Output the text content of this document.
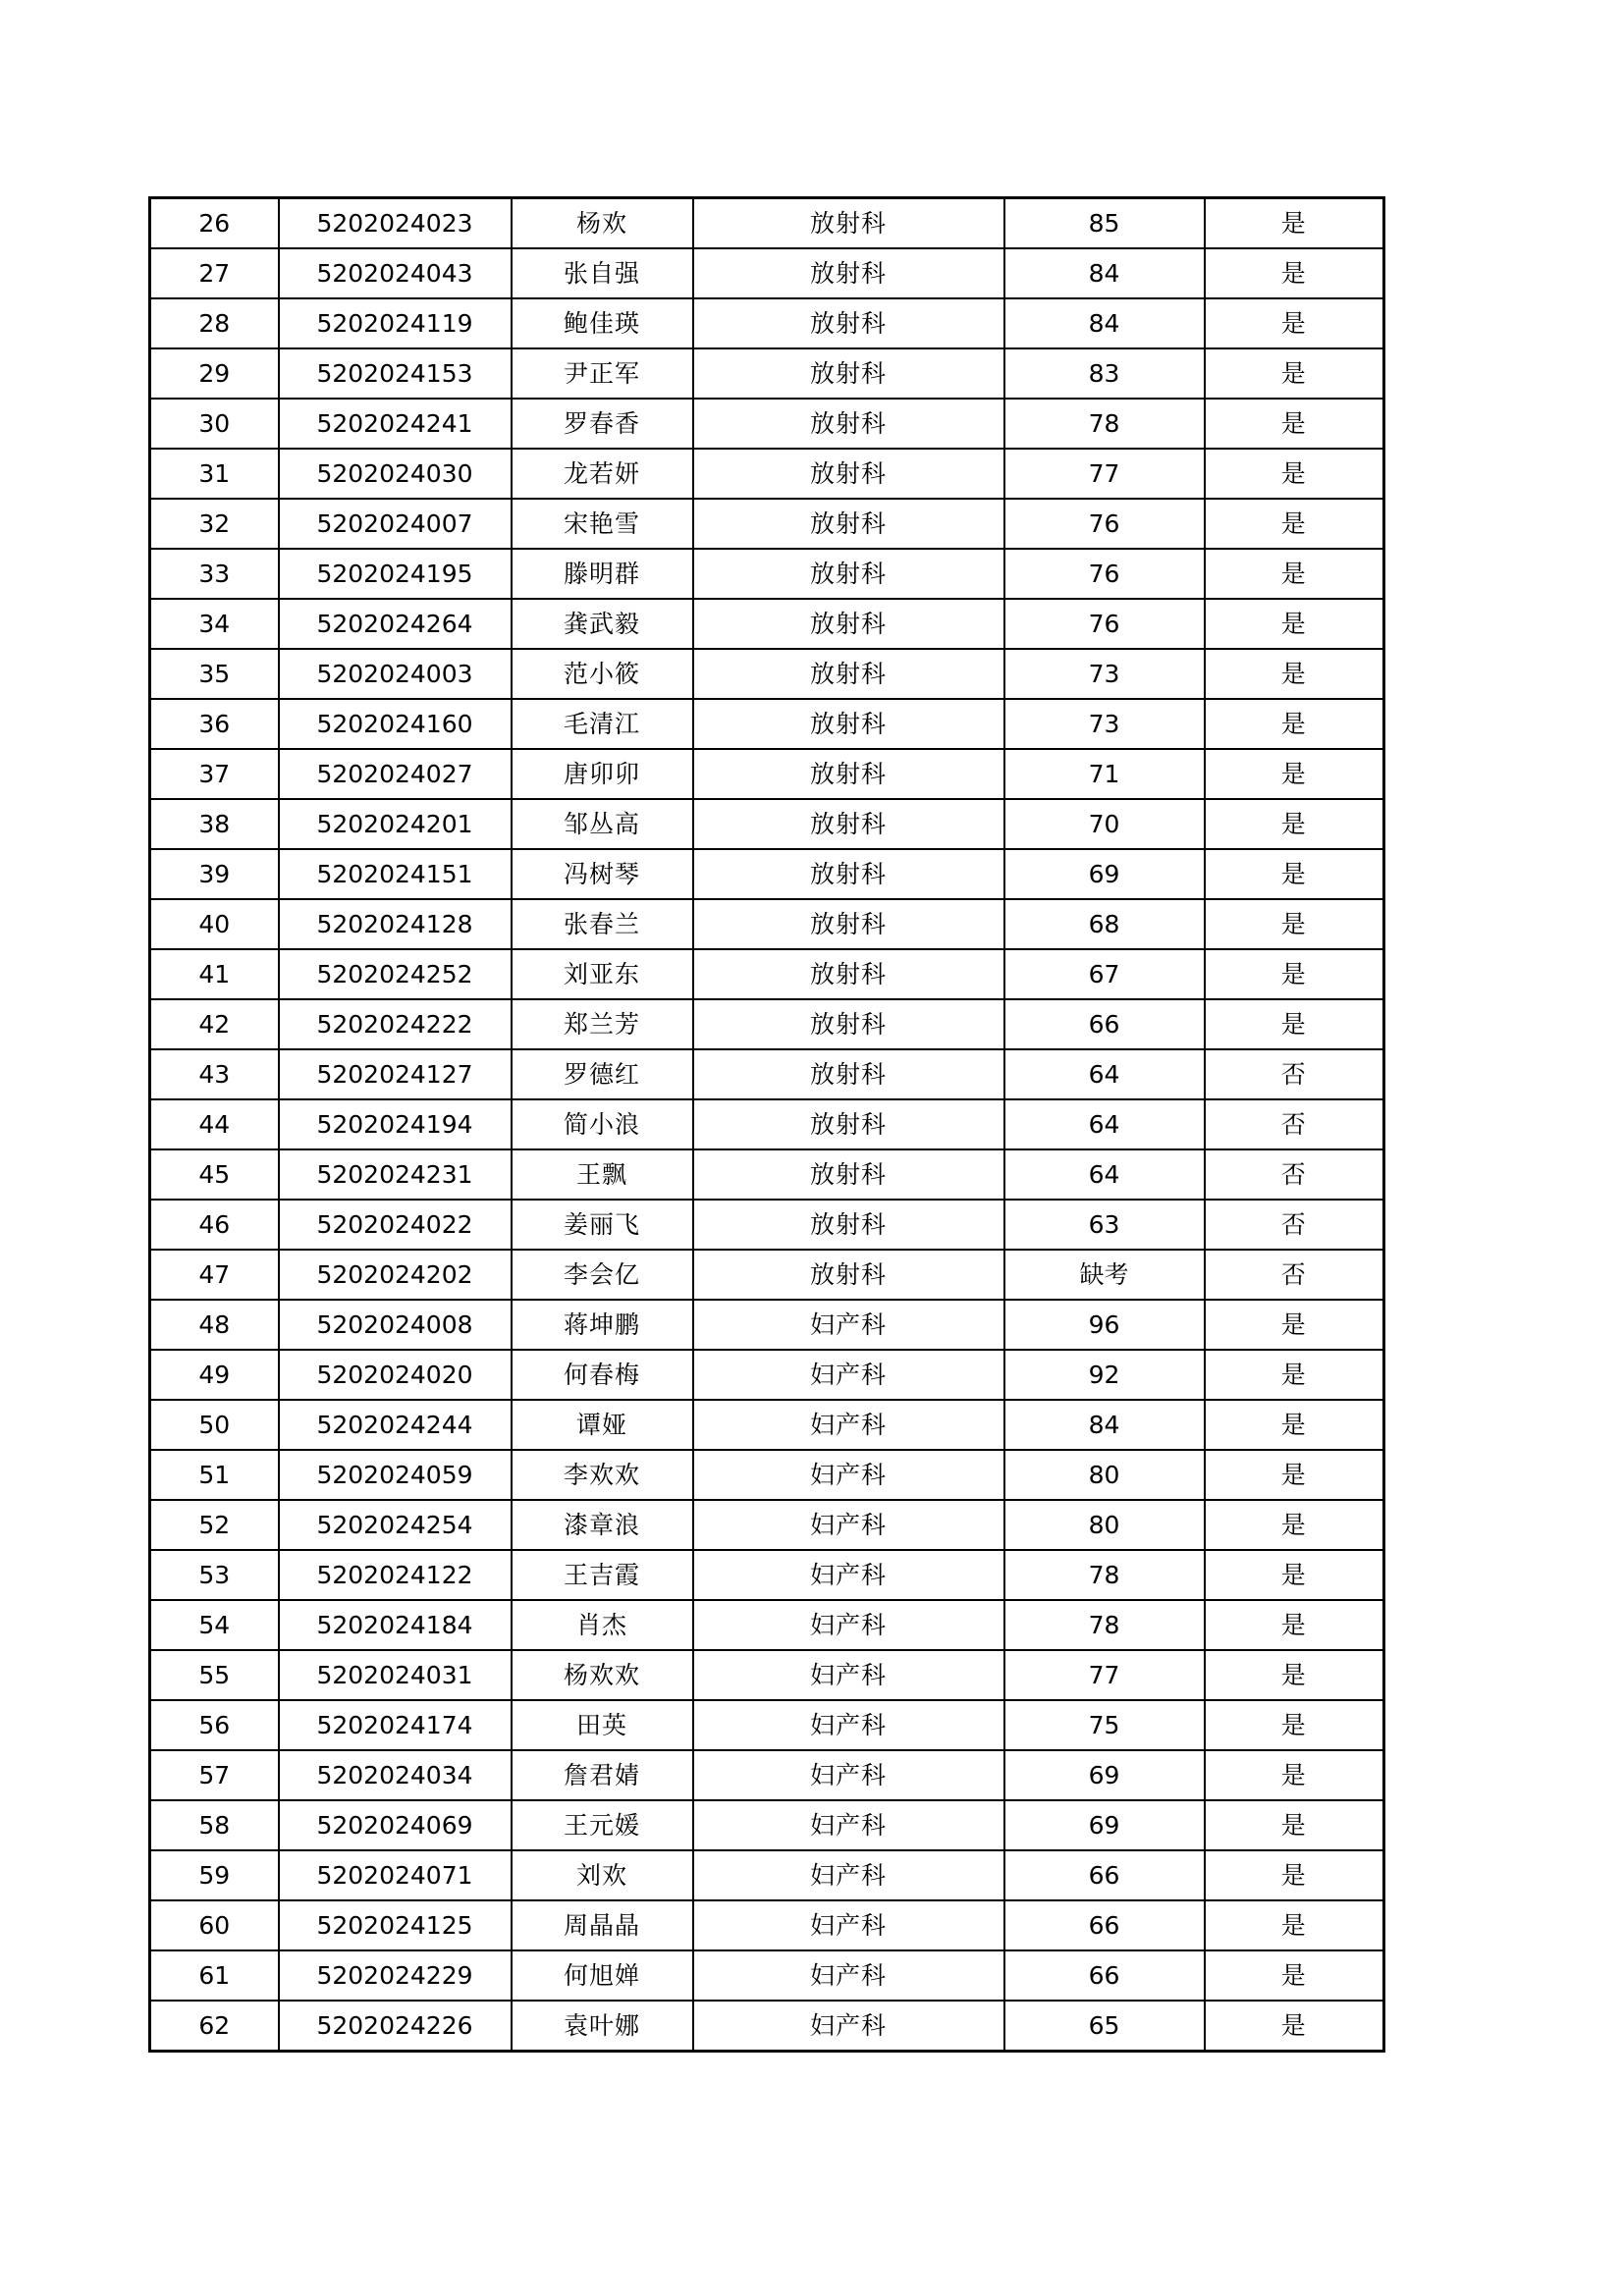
26	5202024023	杨欢	放射科	85	是
27	5202024043	张自强	放射科	84	是
28	5202024119	鲍佳瑛	放射科	84	是
29	5202024153	尹正军	放射科	83	是
30	5202024241	罗春香	放射科	78	是
31	5202024030	龙若妍	放射科	77	是
32	5202024007	宋艳雪	放射科	76	是
33	5202024195	滕明群	放射科	76	是
34	5202024264	龚武毅	放射科	76	是
35	5202024003	范小筱	放射科	73	是
36	5202024160	毛清江	放射科	73	是
37	5202024027	唐卯卯	放射科	71	是
38	5202024201	邹丛高	放射科	70	是
39	5202024151	冯树琴	放射科	69	是
40	5202024128	张春兰	放射科	68	是
41	5202024252	刘亚东	放射科	67	是
42	5202024222	郑兰芳	放射科	66	是
43	5202024127	罗德红	放射科	64	否
44	5202024194	简小浪	放射科	64	否
45	5202024231	王飘	放射科	64	否
46	5202024022	姜丽飞	放射科	63	否
47	5202024202	李会亿	放射科	缺考	否
48	5202024008	蒋坤鹏	妇产科	96	是
49	5202024020	何春梅	妇产科	92	是
50	5202024244	谭娅	妇产科	84	是
51	5202024059	李欢欢	妇产科	80	是
52	5202024254	漆章浪	妇产科	80	是
53	5202024122	王吉霞	妇产科	78	是
54	5202024184	肖杰	妇产科	78	是
55	5202024031	杨欢欢	妇产科	77	是
56	5202024174	田英	妇产科	75	是
57	5202024034	詹君婧	妇产科	69	是
58	5202024069	王元媛	妇产科	69	是
59	5202024071	刘欢	妇产科	66	是
60	5202024125	周晶晶	妇产科	66	是
61	5202024229	何旭婵	妇产科	66	是
62	5202024226	袁叶娜	妇产科	65	是
